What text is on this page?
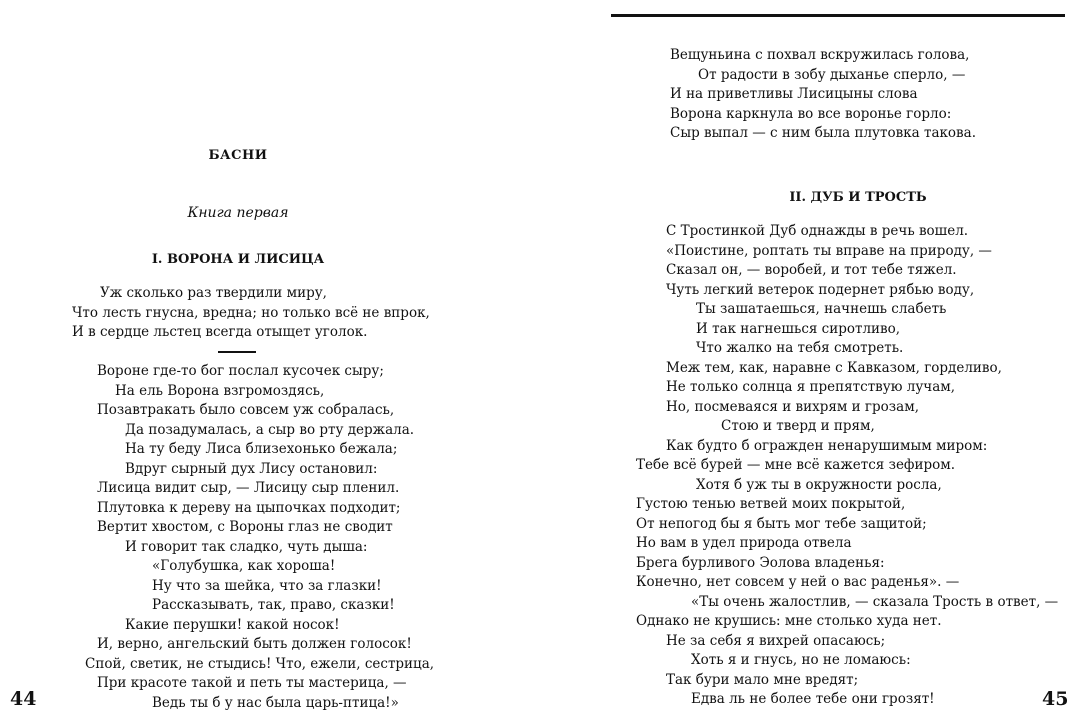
БАСНИ
Книга первая
I. ВОРОНА И ЛИСИЦА
Уж сколько раз твердили миру,
Что лесть гнусна, вредна; но только всё не впрок,
И в сердце льстец всегда отыщет уголок.
Вороне где-то бог послал кусочек сыру;
На ель Ворона взгромоздясь,
Позавтракать было совсем уж собралась,
Да позадумалась, а сыр во рту держала.
На ту беду Лиса близехонько бежала;
Вдруг сырный дух Лису остановил:
Лисица видит сыр, — Лисицу сыр пленил.
Плутовка к дереву на цыпочках подходит;
Вертит хвостом, с Вороны глаз не сводит
И говорит так сладко, чуть дыша:
«Голубушка, как хороша!
Ну что за шейка, что за глазки!
Рассказывать, так, право, сказки!
Какие перушки! какой носок!
И, верно, ангельский быть должен голосок!
Спой, светик, не стыдись! Что, ежели, сестрица,
При красоте такой и петь ты мастерица, —
Ведь ты б у нас была царь-птица!»
44
Вещуньина с похвал вскружилась голова,
От радости в зобу дыханье сперло, —
И на приветливы Лисицыны слова
Ворона каркнула во все воронье горло:
Сыр выпал — с ним была плутовка такова.
II. ДУБ И ТРОСТЬ
С Тростинкой Дуб однажды в речь вошел.
«Поистине, роптать ты вправе на природу, —
Сказал он, — воробей, и тот тебе тяжел.
Чуть легкий ветерок подернет рябью воду,
Ты зашатаешься, начнешь слабеть
И так нагнешься сиротливо,
Что жалко на тебя смотреть.
Меж тем, как, наравне с Кавказом, горделиво,
Не только солнца я препятствую лучам,
Но, посмеваяся и вихрям и грозам,
Стою и тверд и прям,
Как будто б огражден ненарушимым миром:
Тебе всё бурей — мне всё кажется зефиром.
Хотя б уж ты в окружности росла,
Густою тенью ветвей моих покрытой,
От непогод бы я быть мог тебе защитой;
Но вам в удел природа отвела
Брега бурливого Эолова владенья:
Конечно, нет совсем у ней о вас раденья». —
«Ты очень жалостлив, — сказала Трость в ответ, —
Однако не крушись: мне столько худа нет.
Не за себя я вихрей опасаюсь;
Хоть я и гнусь, но не ломаюсь:
Так бури мало мне вредят;
Едва ль не более тебе они грозят!	45
